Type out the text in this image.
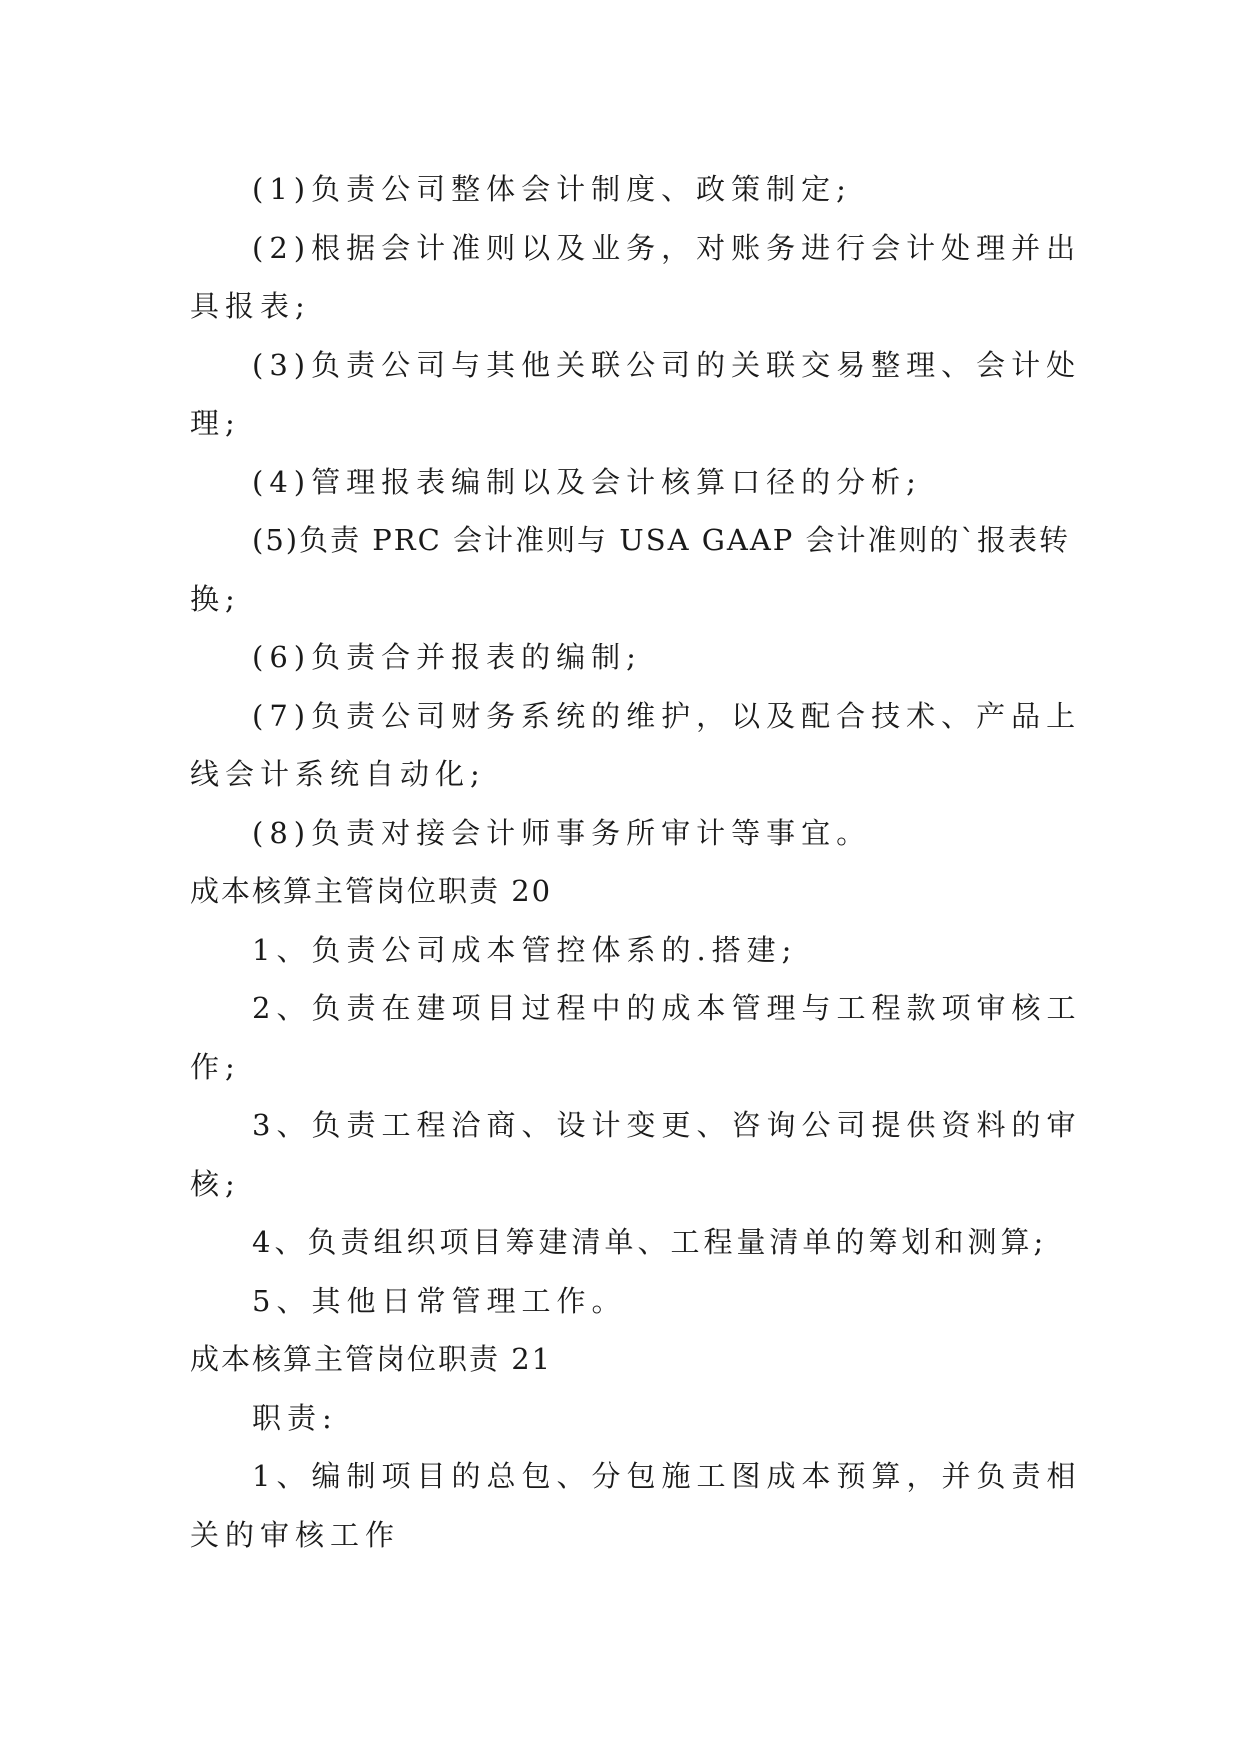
(1)负责公司整体会计制度、政策制定;

(2)根据会计准则以及业务，对账务进行会计处理并出

具报表;

(3)负责公司与其他关联公司的关联交易整理、会计处

理;

(4)管理报表编制以及会计核算口径的分析;

(5)负责 PRC 会计准则与 USA GAAP 会计准则的`报表转

换;

(6)负责合并报表的编制;

(7)负责公司财务系统的维护，以及配合技术、产品上

线会计系统自动化;

(8)负责对接会计师事务所审计等事宜。

成本核算主管岗位职责 20

1、负责公司成本管控体系的.搭建;

2、负责在建项目过程中的成本管理与工程款项审核工

作;

3、负责工程洽商、设计变更、咨询公司提供资料的审

核;

4、负责组织项目筹建清单、工程量清单的筹划和测算;

5、其他日常管理工作。

成本核算主管岗位职责 21

职责:

1、编制项目的总包、分包施工图成本预算，并负责相

关的审核工作
